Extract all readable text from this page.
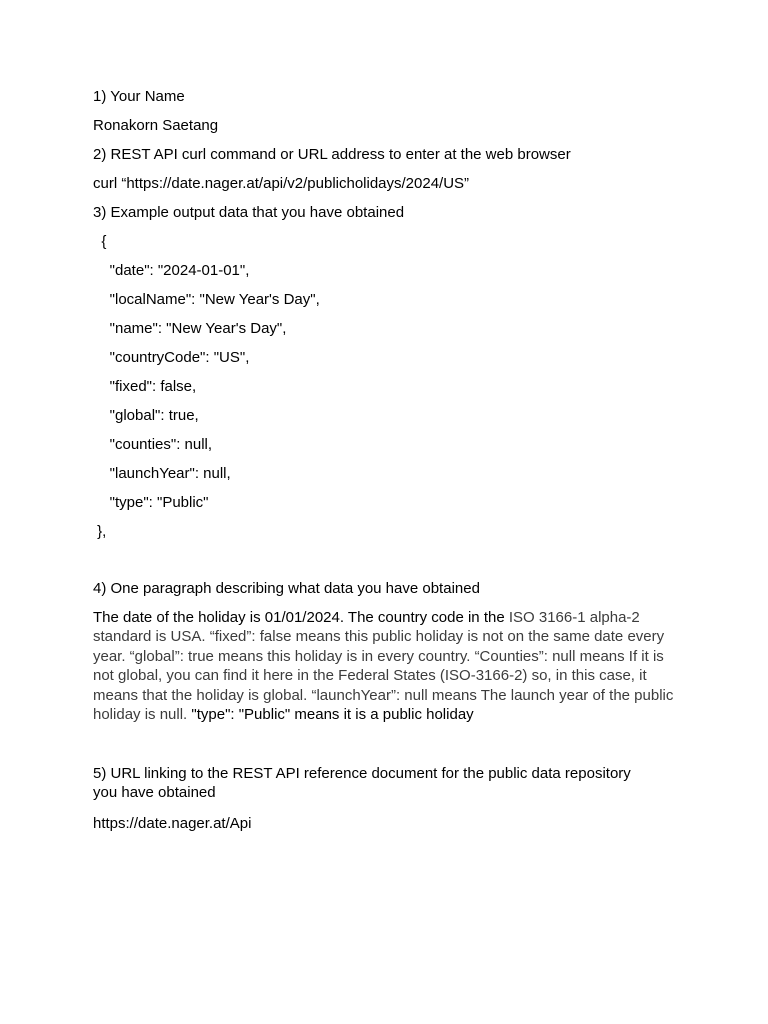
1) Your Name
Ronakorn Saetang
2) REST API curl command or URL address to enter at the web browser
curl “https://date.nager.at/api/v2/publicholidays/2024/US”
3) Example output data that you have obtained
{
"date": "2024-01-01",
"localName": "New Year's Day",
"name": "New Year's Day",
"countryCode": "US",
"fixed": false,
"global": true,
"counties": null,
"launchYear": null,
"type": "Public"
},
4) One paragraph describing what data you have obtained
The date of the holiday is 01/01/2024. The country code in the ISO 3166-1 alpha-2 standard is USA. “fixed”: false means this public holiday is not on the same date every year. “global”: true means this holiday is in every country. “Counties”: null means If it is not global, you can find it here in the Federal States (ISO-3166-2) so, in this case, it means that the holiday is global. “launchYear”: null means The launch year of the public holiday is null. "type": "Public" means it is a public holiday
5) URL linking to the REST API reference document for the public data repository
you have obtained
https://date.nager.at/Api
